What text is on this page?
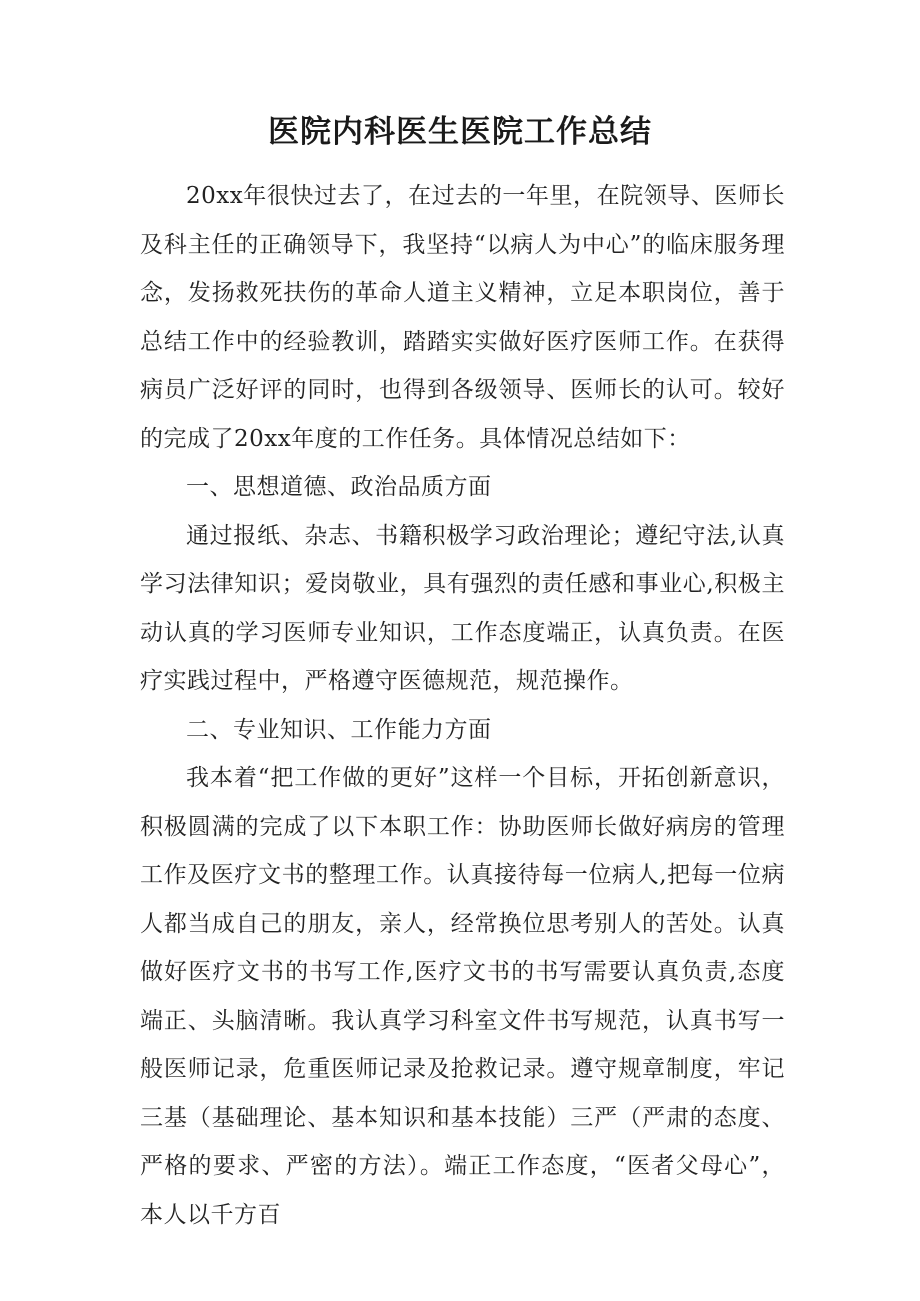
医院内科医生医院工作总结

20xx年很快过去了，在过去的一年里，在院领导、医师长及科主任的正确领导下，我坚持“以病人为中心”的临床服务理念，发扬救死扶伤的革命人道主义精神，立足本职岗位，善于总结工作中的经验教训，踏踏实实做好医疗医师工作。在获得病员广泛好评的同时，也得到各级领导、医师长的认可。较好的完成了20xx年度的工作任务。具体情况总结如下：

一、思想道德、政治品质方面

通过报纸、杂志、书籍积极学习政治理论；遵纪守法,认真学习法律知识；爱岗敬业，具有强烈的责任感和事业心,积极主动认真的学习医师专业知识，工作态度端正，认真负责。在医疗实践过程中，严格遵守医德规范，规范操作。

二、专业知识、工作能力方面

我本着“把工作做的更好”这样一个目标，开拓创新意识，积极圆满的完成了以下本职工作：协助医师长做好病房的管理工作及医疗文书的整理工作。认真接待每一位病人,把每一位病人都当成自己的朋友，亲人，经常换位思考别人的苦处。认真做好医疗文书的书写工作,医疗文书的书写需要认真负责,态度端正、头脑清晰。我认真学习科室文件书写规范，认真书写一般医师记录，危重医师记录及抢救记录。遵守规章制度，牢记三基（基础理论、基本知识和基本技能）三严（严肃的态度、严格的要求、严密的方法）。端正工作态度，“医者父母心”，本人以千方百
